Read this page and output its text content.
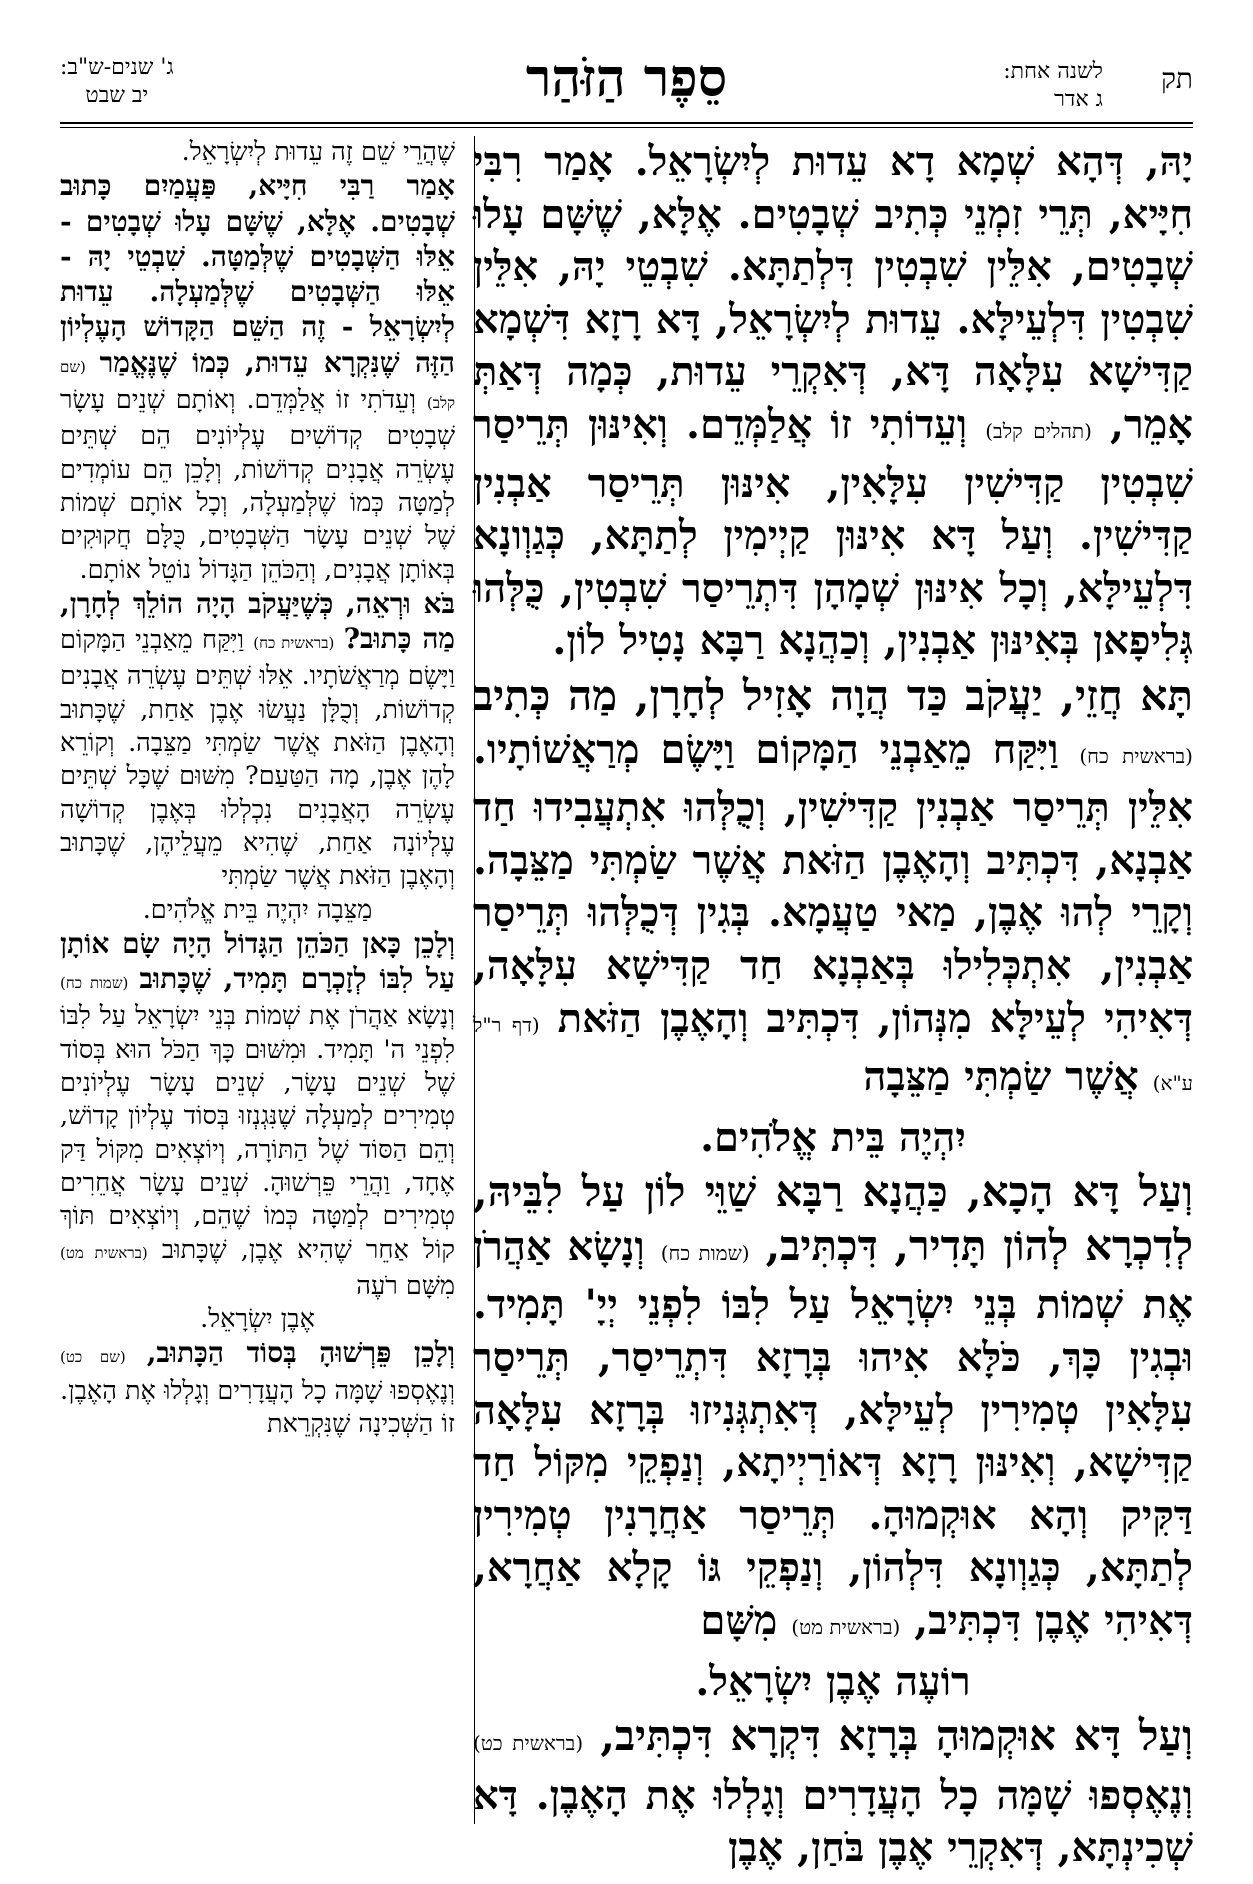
תק
לשנה אחת:
ג אדר
סֵפֶר הַזֹּהַר
ג' שנים-ש"ב:
יב שבט

יָהּ, דְּהָא שְׁמָא דָא עֵדוּת לְיִשְׂרָאֵל. אָמַר רִבִּי חִיָּיא, תְּרֵי זִמְנֵי כְּתִיב שְׁבָטִים. אֶלָּא, שֶׁשָּׁם עָלוּ שְׁבָטִים, אִלֵּין שִׁבְטִין דִּלְתַתָּא. שִׁבְטֵי יָהּ, אִלֵּין שִׁבְטִין דִּלְעֵילָּא. עֵדוּת לְיִשְׂרָאֵל, דָּא רָזָא דִּשְׁמָא קַדִּישָׁא עִלָּאָה דָּא, דְּאִקְרֵי עֵדוּת, כְּמָה דְּאַתְּ אָמֵר, (תהלים קלב) וְעֵדוֹתִי זוֹ אֲלַמְּדֵם. וְאִינּוּן תְּרֵיסַר שִׁבְטִין קַדִּישִׁין עִלָּאִין, אִינּוּן תְּרֵיסַר אַבְנִין קַדִּישִׁין. וְעַל דָּא אִינּוּן קַיְימִין לְתַתָּא, כְּגַוְונָא דִּלְעֵילָּא, וְכָל אִינּוּן שְׁמָהָן דִּתְרֵיסַר שִׁבְטִין, כֻּלְּהוּ גְּלִיפָאן בְּאִינּוּן אַבְנִין, וְכַהֲנָא רַבָּא נָטִיל לוֹן.

תָּא חֲזֵי, יַעֲקֹב כַּד הֲוָה אָזִיל לְחָרָן, מַה כְּתִיב (בראשית כח) וַיִּקַּח מֵאַבְנֵי הַמָּקוֹם וַיָּשֶׂם מְרַאֲשׁוֹתָיו. אִלֵּין תְּרֵיסַר אַבְנִין קַדִּישִׁין, וְכֻלְּהוּ אִתְעֲבִידוּ חַד אַבְנָא, דִּכְתִּיב וְהָאֶבֶן הַזֹּאת אֲשֶׁר שַׂמְתִּי מַצֵּבָה. וְקָרֵי לְהוּ אֶבֶן, מַאי טַעֲמָא. בְּגִין דְּכֻלְּהוּ תְּרֵיסַר אַבְנִין, אִתְכְּלִילוּ בְּאַבְנָא חַד קַדִּישָׁא עִלָּאָה, דְּאִיהִי לְעֵילָּא מִנְּהוֹן, דִּכְתִּיב וְהָאֶבֶן הַזֹּאת (דף ר"ל ע"א) אֲשֶׁר שַׂמְתִּי מַצֵּבָה

יִהְיֶה בֵּית אֱלֹהִים.

וְעַל דָּא הָכָא, כַּהֲנָא רַבָּא שַׁוֵּי לוֹן עַל לִבֵּיהּ, לְדִכְרָא לְהוֹן תָּדִיר, דִּכְתִּיב, (שמות כח) וְנָשָׂא אַהֲרֹן אֶת שְׁמוֹת בְּנֵי יִשְׂרָאֵל עַל לִבּוֹ לִפְנֵי יְיָ' תָּמִיד. וּבְגִין כָּךְ, כֹּלָּא אִיהוּ בְּרָזָא דִּתְרֵיסַר, תְּרֵיסַר עִלָּאִין טְמִירִין לְעֵילָּא, דְּאִתְגְּנִיזוּ בְּרָזָא עִלָּאָה קַדִּישָׁא, וְאִינּוּן רָזָא דְּאוֹרַיְיתָא, וְנַפְקֵי מִקּוֹל חַד דַּקִּיק וְהָא אוּקְמוּהָ. תְּרֵיסַר אַחֲרָנִין טְמִירִין לְתַתָּא, כְּגַוְונָא דִּלְהוֹן, וְנַפְקֵי גּוֹ קָלָא אַחֲרָא, דְּאִיהִי אֶבֶן דִּכְתִּיב, (בראשית מט) מִשָּׁם

רוֹעֶה אֶבֶן יִשְׂרָאֵל.

וְעַל דָּא אוּקְמוּהָ בְּרָזָא דִּקְרָא דִּכְתִּיב, (בראשית כט) וְנֶאֶסְפוּ שָׁמָּה כָל הָעֲדָרִים וְגָלְלוּ אֶת הָאֶבֶן. דָּא שְׁכִינְתָּא, דְּאִקְרֵי אֶבֶן בֹּחַן, אֶבֶן

שֶׁהֲרֵי שֵׁם זֶה עֵדוּת לְיִשְׂרָאֵל.

אָמַר רַבִּי חִיָּיא, פַּעֲמַיִם כָּתוּב שְׁבָטִים. אֶלָּא, שֶׁשָּׁם עָלוּ שְׁבָטִים - אֵלּוּ הַשְּׁבָטִים שֶׁלְּמַטָּה. שִׁבְטֵי יָהּ - אֵלּוּ הַשְּׁבָטִים שֶׁלְּמַעְלָה. עֵדוּת לְיִשְׂרָאֵל - זֶה הַשֵּׁם הַקָּדוֹשׁ הָעֶלְיוֹן הַזֶּה שֶׁנִּקְרָא עֵדוּת, כְּמוֹ שֶׁנֶּאֱמַר (שם קלב) וְעֵדֹתִי זוֹ אֲלַמְּדֵם. וְאוֹתָם שְׁנֵים עָשָׂר שְׁבָטִים קְדוֹשִׁים עֶלְיוֹנִים הֵם שְׁתֵּים עֶשְׂרֵה אֲבָנִים קְדוֹשׁוֹת, וְלָכֵן הֵם עוֹמְדִים לְמַטָּה כְּמוֹ שֶׁלְּמַעְלָה, וְכָל אוֹתָם שְׁמוֹת שֶׁל שְׁנֵים עָשָׂר הַשְּׁבָטִים, כֻּלָּם חֲקוּקִים בְּאוֹתָן אֲבָנִים, וְהַכֹּהֵן הַגָּדוֹל נוֹטֵל אוֹתָם.

בֹּא וּרְאֵה, כְּשֶׁיַּעֲקֹב הָיָה הוֹלֵךְ לְחָרָן, מַה כָּתוּב? (בראשית כח) וַיִּקַּח מֵאַבְנֵי הַמָּקוֹם וַיָּשֶׂם מְרַאֲשֹׁתָיו. אֵלּוּ שְׁתֵּים עֶשְׂרֵה אֲבָנִים קְדוֹשׁוֹת, וְכֻלָּן נַעֲשׂוּ אֶבֶן אַחַת, שֶׁכָּתוּב וְהָאֶבֶן הַזֹּאת אֲשֶׁר שַׂמְתִּי מַצֵּבָה. וְקוֹרֵא לָהֶן אֶבֶן, מָה הַטַּעַם? מִשּׁוּם שֶׁכָּל שְׁתֵּים עֶשְׂרֵה הָאֲבָנִים נִכְלְלוּ בְּאֶבֶן קְדוֹשָׁה עֶלְיוֹנָה אַחַת, שֶׁהִיא מֵעֲלֵיהֶן, שֶׁכָּתוּב וְהָאֶבֶן הַזֹּאת אֲשֶׁר שַׂמְתִּי

מַצֵּבָה יִהְיֶה בֵּית אֱלֹהִים.

וְלָכֵן כָּאן הַכֹּהֵן הַגָּדוֹל הָיָה שָׂם אוֹתָן עַל לִבּוֹ לְזָכְרָם תָּמִיד, שֶׁכָּתוּב (שמות כח) וְנָשָׂא אַהֲרֹן אֶת שְׁמוֹת בְּנֵי יִשְׂרָאֵל עַל לִבּוֹ לִפְנֵי ה' תָּמִיד. וּמִשּׁוּם כָּךְ הַכֹּל הוּא בְּסוֹד שֶׁל שְׁנֵים עָשָׂר, שְׁנֵים עָשָׂר עֶלְיוֹנִים טְמִירִים לְמַעְלָה שֶׁנִּגְנְזוּ בְּסוֹד עֶלְיוֹן קָדוֹשׁ, וְהֵם הַסּוֹד שֶׁל הַתּוֹרָה, וְיוֹצְאִים מִקּוֹל דַּק אֶחָד, וַהֲרֵי פֵּרְשׁוּהָ. שְׁנֵים עָשָׂר אֲחֵרִים טְמִירִים לְמַטָּה כְּמוֹ שֶׁהֵם, וְיוֹצְאִים תּוֹךְ קוֹל אַחֵר שֶׁהִיא אֶבֶן, שֶׁכָּתוּב (בראשית מט) מִשָּׁם רֹעֶה

אֶבֶן יִשְׂרָאֵל.

וְלָכֵן פֵּרְשׁוּהָ בְּסוֹד הַכָּתוּב, (שם כט) וְנֶאֶסְפוּ שָׁמָּה כָל הָעֲדָרִים וְגָלְלוּ אֶת הָאֶבֶן. זוֹ הַשְּׁכִינָה שֶׁנִּקְרֵאת
